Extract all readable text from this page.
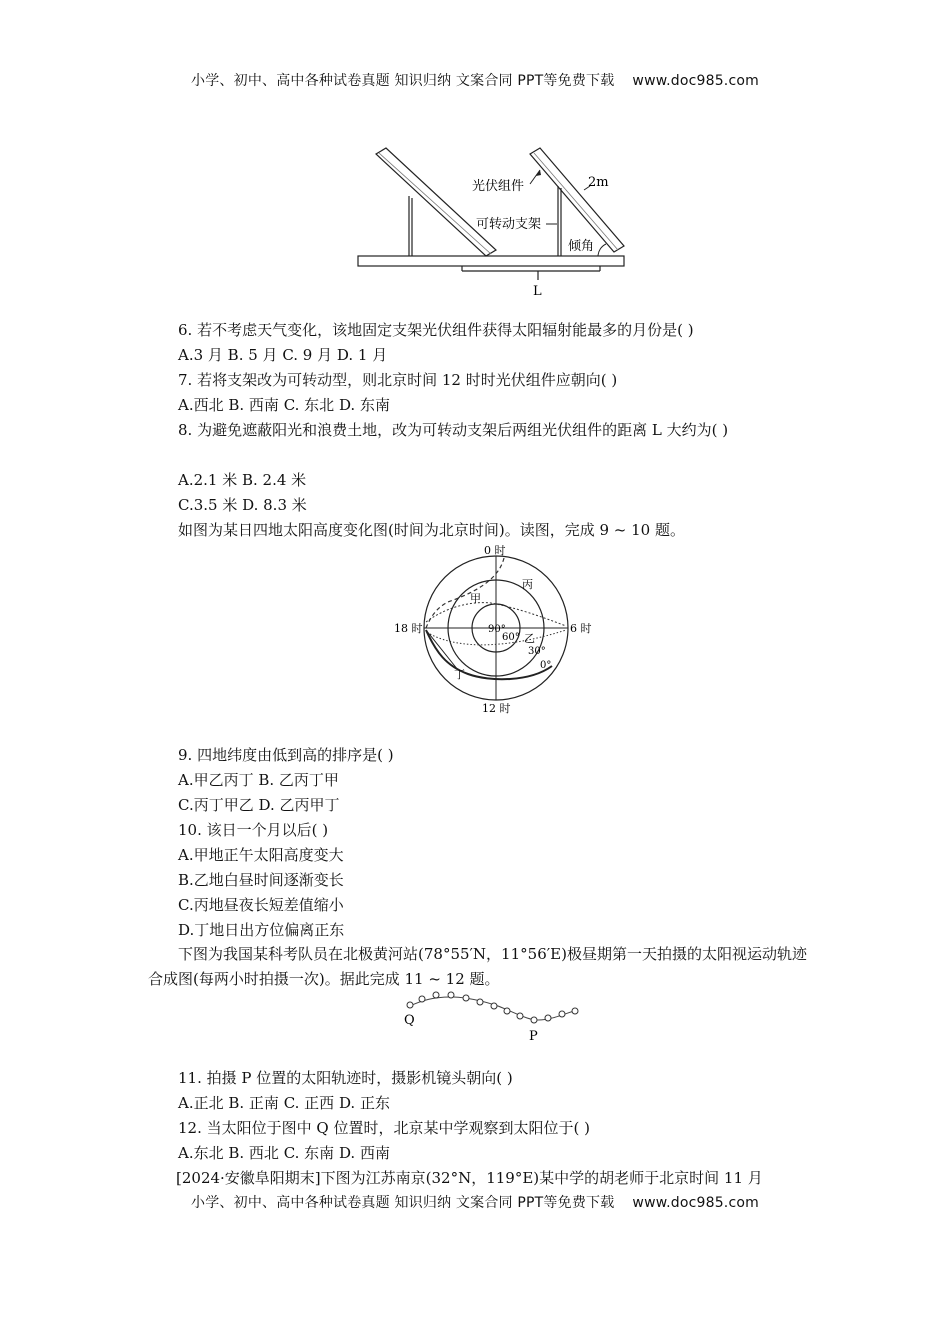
小学、初中、高中各种试卷真题 知识归纳 文案合同 PPT等免费下载 www.doc985.com
L
2m
光伏组件
可转动支架
倾角
6. 若不考虑天气变化，该地固定支架光伏组件获得太阳辐射能最多的月份是( )
A.3 月 B. 5 月 C. 9 月 D. 1 月
7. 若将支架改为可转动型，则北京时间 12 时时光伏组件应朝向( )
A.西北 B. 西南 C. 东北 D. 东南
8. 为避免遮蔽阳光和浪费土地，改为可转动支架后两组光伏组件的距离 L 大约为( )
A.2.1 米 B. 2.4 米
C.3.5 米 D. 8.3 米
如图为某日四地太阳高度变化图(时间为北京时间)。读图，完成 9 ~ 10 题。
0 时
6 时
12 时
18 时	90°
60°
30°
0°
甲
丙
乙
丁
9. 四地纬度由低到高的排序是( )
A.甲乙丙丁 B. 乙丙丁甲
C.丙丁甲乙 D. 乙丙甲丁
10. 该日一个月以后( )
A.甲地正午太阳高度变大
B.乙地白昼时间逐渐变长
C.丙地昼夜长短差值缩小
D.丁地日出方位偏离正东
下图为我国某科考队员在北极黄河站(78°55′N，11°56′E)极昼期第一天拍摄的太阳视运动轨迹合成图(每两小时拍摄一次)。据此完成 11 ~ 12 题。
Q
P
11. 拍摄 P 位置的太阳轨迹时，摄影机镜头朝向( )
A.正北 B. 正南 C. 正西 D. 正东
12. 当太阳位于图中 Q 位置时，北京某中学观察到太阳位于( )
A.东北 B. 西北 C. 东南 D. 西南
[2024·安徽阜阳期末]下图为江苏南京(32°N，119°E)某中学的胡老师于北京时间 11 月
小学、初中、高中各种试卷真题 知识归纳 文案合同 PPT等免费下载 www.doc985.com
